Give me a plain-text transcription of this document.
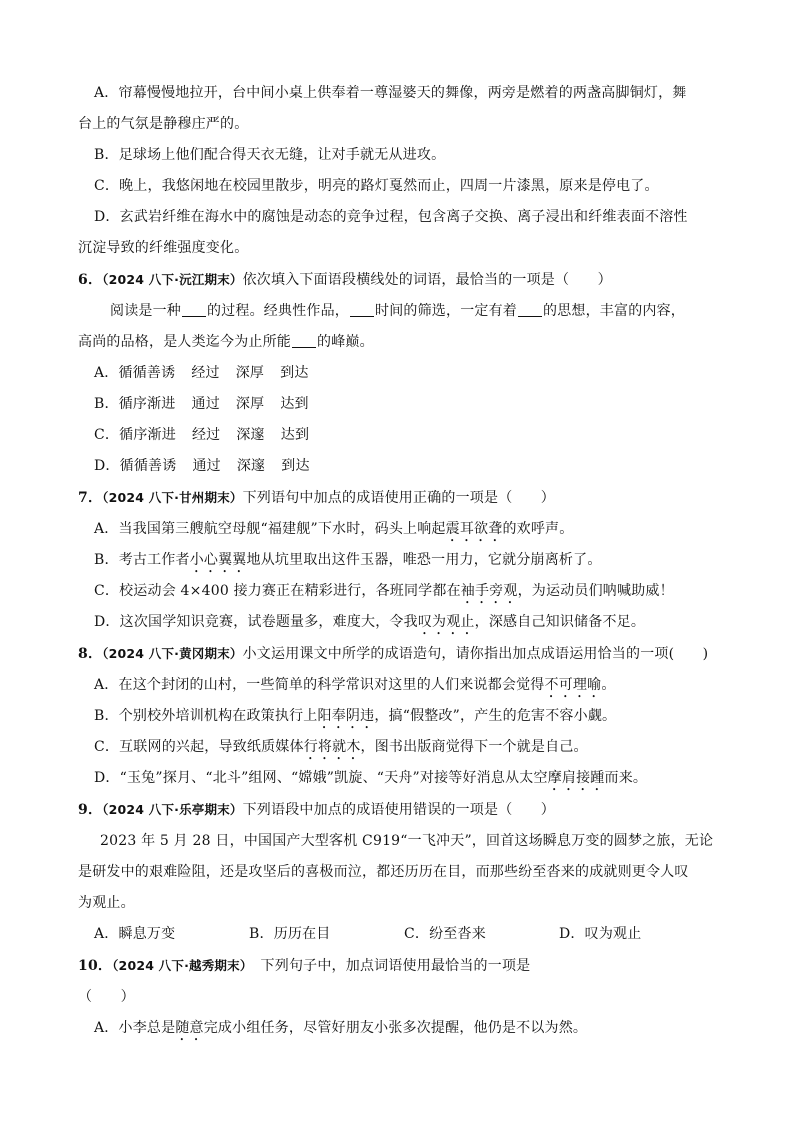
A．帘幕慢慢地拉开，台中间小桌上供奉着一尊湿婆天的舞像，两旁是燃着的两盏高脚铜灯，舞
台上的气氛是静穆庄严的。
B．足球场上他们配合得天衣无缝，让对手就无从进攻。
C．晚上，我悠闲地在校园里散步，明亮的路灯戛然而止，四周一片漆黑，原来是停电了。
D．玄武岩纤维在海水中的腐蚀是动态的竞争过程，包含离子交换、离子浸出和纤维表面不溶性
沉淀导致的纤维强度变化。
6．（2024 八下·沅江期末）依次填入下面语段横线处的词语，最恰当的一项是（　　）
阅读是一种 的过程。经典性作品， 时间的筛选，一定有着 的思想，丰富的内容，
高尚的品格，是人类迄今为止所能 的峰巅。
A．循循善诱 经过 深厚 到达
B．循序渐进 通过 深厚 达到
C．循序渐进 经过 深邃 达到
D．循循善诱 通过 深邃 到达
7．（2024 八下·甘州期末）下列语句中加点的成语使用正确的一项是（　　）
A．当我国第三艘航空母舰“福建舰”下水时，码头上响起震耳欲聋的欢呼声。
B．考古工作者小心翼翼地从坑里取出这件玉器，唯恐一用力，它就分崩离析了。
C．校运动会 4×400 接力赛正在精彩进行，各班同学都在袖手旁观，为运动员们呐喊助威！
D．这次国学知识竞赛，试卷题量多，难度大，令我叹为观止，深感自己知识储备不足。
8．（2024 八下·黄冈期末）小文运用课文中所学的成语造句，请你指出加点成语运用恰当的一项(　　)
A．在这个封闭的山村，一些简单的科学常识对这里的人们来说都会觉得不可理喻。
B．个别校外培训机构在政策执行上阳奉阴违，搞“假整改”，产生的危害不容小觑。
C．互联网的兴起，导致纸质媒体行将就木，图书出版商觉得下一个就是自己。
D．“玉兔”探月、“北斗”组网、“嫦娥”凯旋、“天舟”对接等好消息从太空摩肩接踵而来。
9．（2024 八下·乐亭期末）下列语段中加点的成语使用错误的一项是（　　）
2023 年 5 月 28 日，中国国产大型客机 C919“一飞冲天”，回首这场瞬息万变的圆梦之旅，无论
是研发中的艰难险阻，还是攻坚后的喜极而泣，都还历历在目，而那些纷至沓来的成就则更令人叹
为观止。
A．瞬息万变	B．历历在目	C．纷至沓来	D．叹为观止
10．（2024 八下·越秀期末） 下列句子中，加点词语使用最恰当的一项是
（　　）
A．小李总是随意完成小组任务，尽管好朋友小张多次提醒，他仍是不以为然。
